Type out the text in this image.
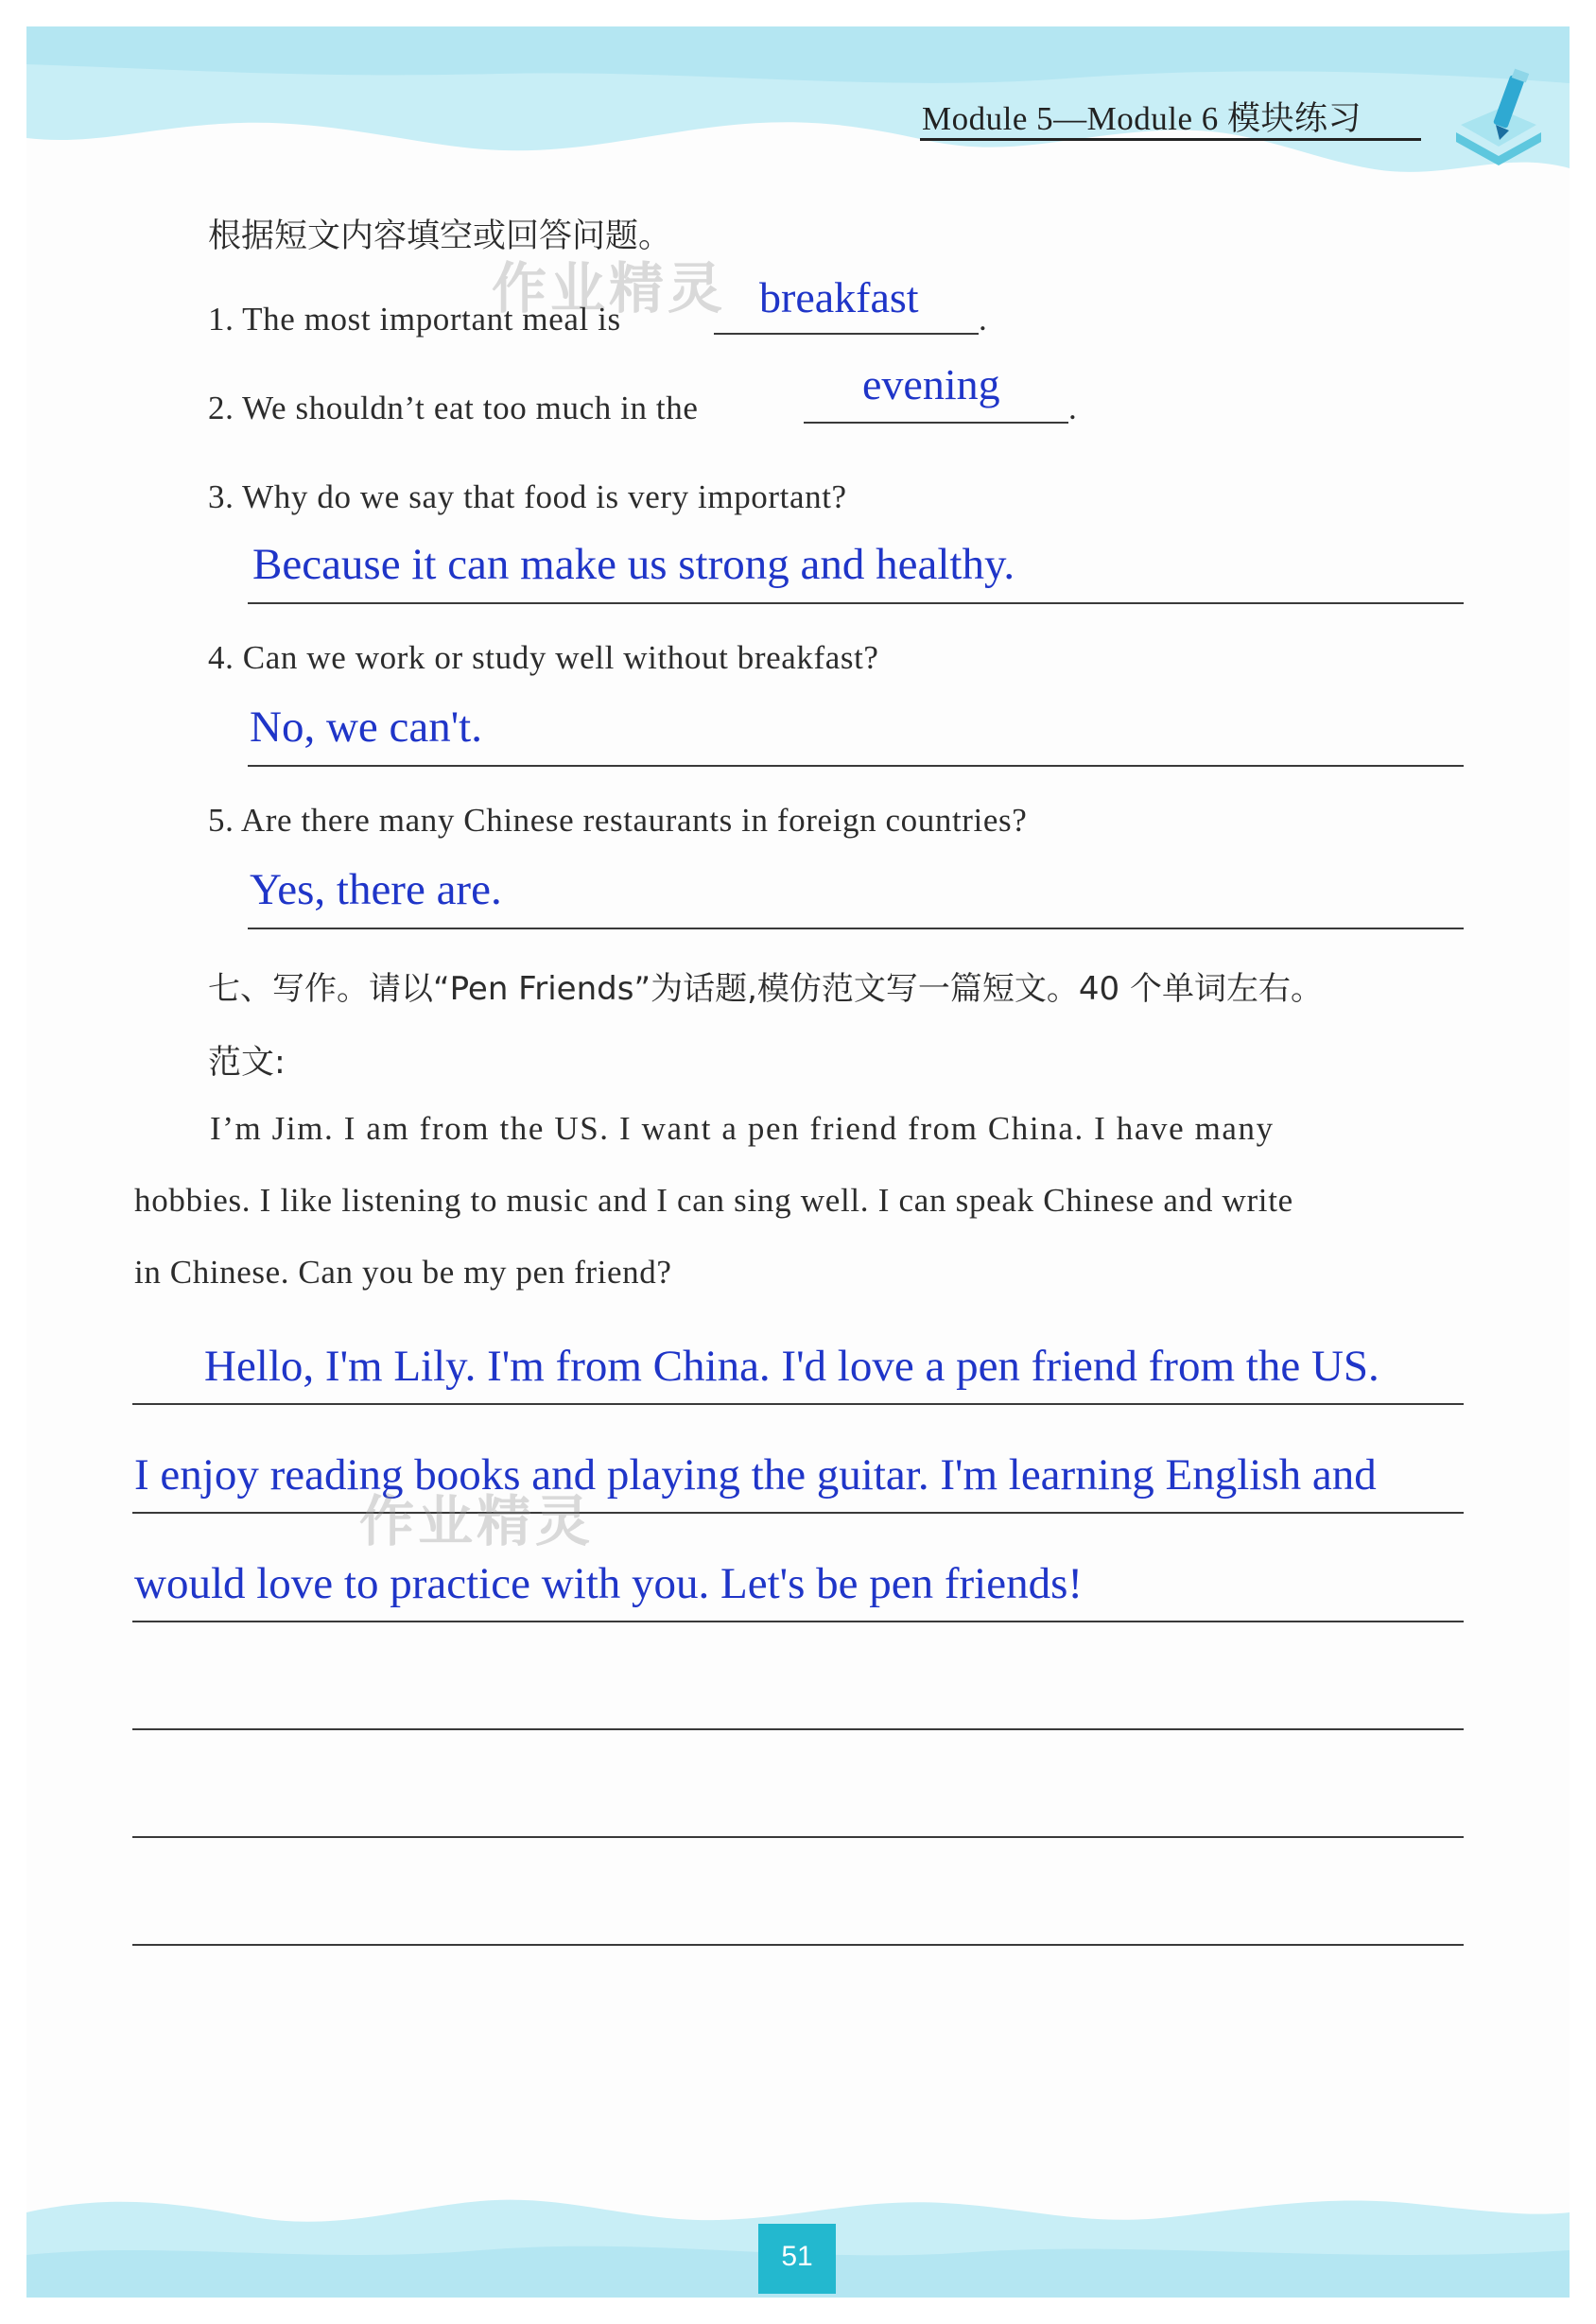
Module 5—Module 6 模块练习
根据短文内容填空或回答问题。
作业精灵
1. The most important meal is	breakfast .
2. We shouldn’t eat too much in the	evening .
3. Why do we say that food is very important?
Because it can make us strong and healthy.
4. Can we work or study well without breakfast?
No, we can't.
5. Are there many Chinese restaurants in foreign countries?
Yes, there are.
七、写作。请以“Pen Friends”为话题,模仿范文写一篇短文。40 个单词左右。
范文:
I’m Jim. I am from the US. I want a pen friend from China. I have many
hobbies. I like listening to music and I can sing well. I can speak Chinese and write
in Chinese. Can you be my pen friend?
Hello, I'm Lily. I'm from China. I'd love a pen friend from the US.
I enjoy reading books and playing the guitar. I'm learning English and
作业精灵
would love to practice with you. Let's be pen friends!
51
